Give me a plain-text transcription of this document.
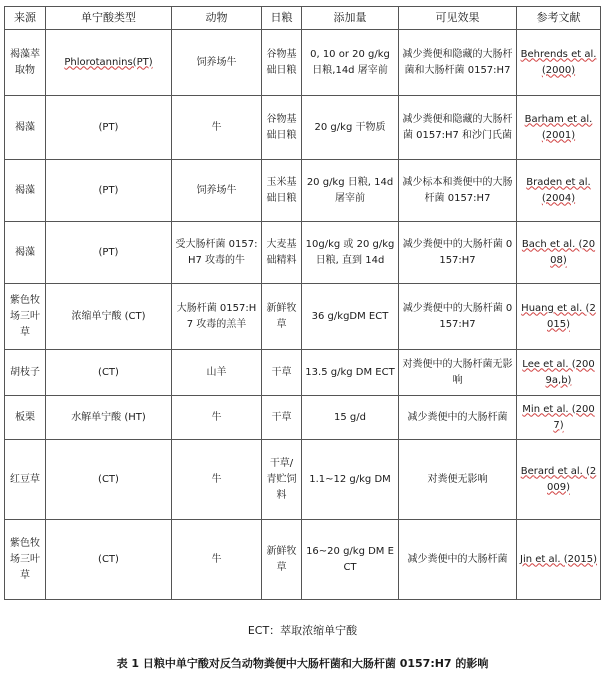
来源	单宁酸类型	动物	日粮	添加量	可见效果	参考文献
褐藻萃取物	Phlorotannins(PT)	饲养场牛	谷物基础日粮	0, 10 or 20 g/kg 日粮,14d 屠宰前	减少粪便和隐藏的大肠杆菌和大肠杆菌 0157:H7	Behrends et al. (2000)
褐藻	(PT)	牛	谷物基础日粮	20 g/kg 干物质	减少粪便和隐藏的大肠杆菌 0157:H7 和沙门氏菌	Barham et al. (2001)
褐藻	(PT)	饲养场牛	玉米基础日粮	20 g/kg 日粮, 14d 屠宰前	减少标本和粪便中的大肠杆菌 0157:H7	Braden et al. (2004)
褐藻	(PT)	受大肠杆菌 0157:H7 攻毒的牛	大麦基础精料	10g/kg 或 20 g/kg 日粮, 直到 14d	减少粪便中的大肠杆菌 0157:H7	Bach et al. (2008)
紫色牧场三叶草	浓缩单宁酸 (CT)	大肠杆菌 0157:H7 攻毒的羔羊	新鲜牧草	36 g/kgDM ECT	减少粪便中的大肠杆菌 0157:H7	Huang et al. (2015)
胡枝子	(CT)	山羊	干草	13.5 g/kg DM ECT	对粪便中的大肠杆菌无影响	Lee et al. (2009a,b)
板栗	水解单宁酸 (HT)	牛	干草	15 g/d	减少粪便中的大肠杆菌	Min et al. (2007)
红豆草	(CT)	牛	干草/青贮饲料	1.1~12 g/kg DM	对粪便无影响	Berard et al. (2009)
紫色牧场三叶草	(CT)	牛	新鲜牧草	16~20 g/kg DM ECT	减少粪便中的大肠杆菌	Jin et al. (2015)
ECT：萃取浓缩单宁酸
表 1 日粮中单宁酸对反刍动物粪便中大肠杆菌和大肠杆菌 0157:H7 的影响
